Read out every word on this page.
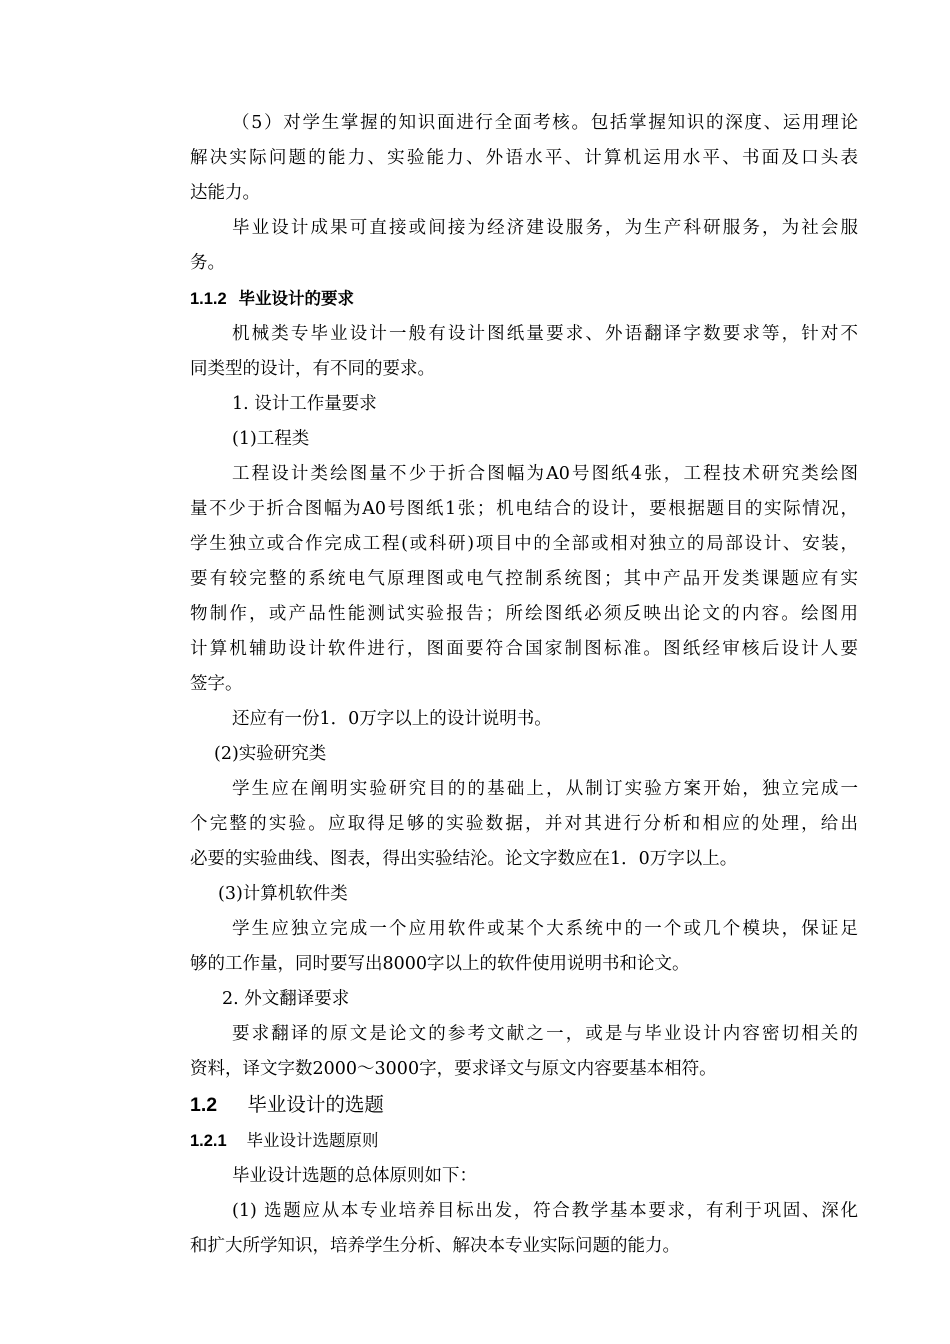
（5）对学生掌握的知识面进行全面考核。包括掌握知识的深度、运用理论
解决实际问题的能力、实验能力、外语水平、计算机运用水平、书面及口头表
达能力。
毕业设计成果可直接或间接为经济建设服务，为生产科研服务，为社会服
务。
1.1.2 毕业设计的要求
机械类专毕业设计一般有设计图纸量要求、外语翻译字数要求等，针对不
同类型的设计，有不同的要求。
1. 设计工作量要求
(1)工程类
工程设计类绘图量不少于折合图幅为A0号图纸4张，工程技术研究类绘图
量不少于折合图幅为A0号图纸1张；机电结合的设计，要根据题目的实际情况，
学生独立或合作完成工程(或科研)项目中的全部或相对独立的局部设计、安装，
要有较完整的系统电气原理图或电气控制系统图；其中产品开发类课题应有实
物制作，或产品性能测试实验报告；所绘图纸必须反映出论文的内容。绘图用
计算机辅助设计软件进行，图面要符合国家制图标准。图纸经审核后设计人要
签字。
还应有一份1．0万字以上的设计说明书。
(2)实验研究类
学生应在阐明实验研究目的的基础上，从制订实验方案开始，独立完成一
个完整的实验。应取得足够的实验数据，并对其进行分析和相应的处理，给出
必要的实验曲线、图表，得出实验结沦。论文字数应在1．0万字以上。
(3)计算机软件类
学生应独立完成一个应用软件或某个大系统中的一个或几个模块，保证足
够的工作量，同时要写出8000字以上的软件使用说明书和论文。
2. 外文翻译要求
要求翻译的原文是论文的参考文献之一，或是与毕业设计内容密切相关的
资料，译文字数2000～3000字，要求译文与原文内容要基本相符。
1.2 毕业设计的选题
1.2.1 毕业设计选题原则
毕业设计选题的总体原则如下：
(1) 选题应从本专业培养目标出发，符合教学基本要求，有利于巩固、深化
和扩大所学知识，培养学生分析、解决本专业实际问题的能力。
